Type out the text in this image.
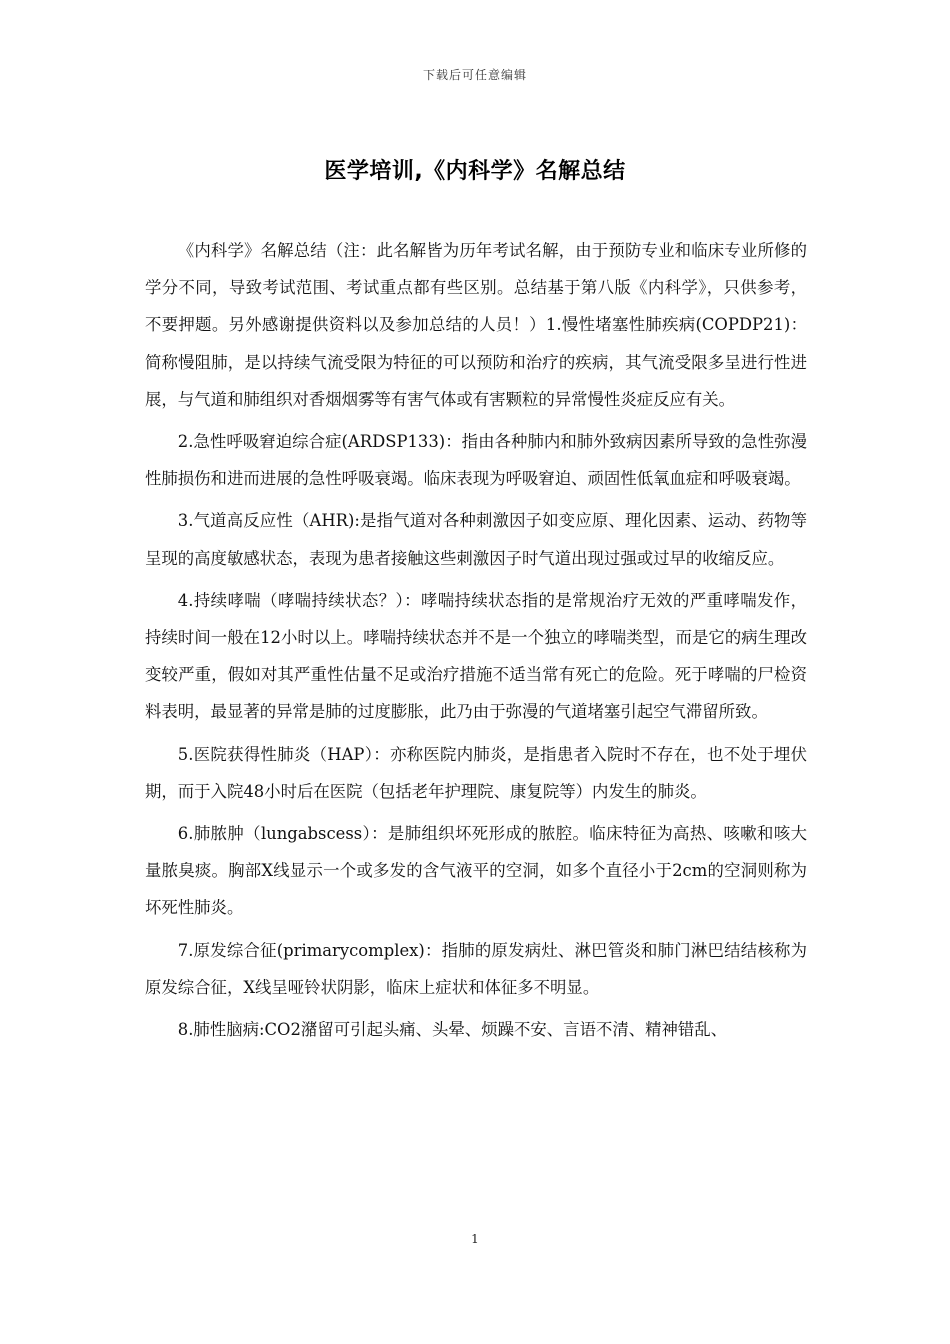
下载后可任意编辑
医学培训,《内科学》名解总结

《内科学》名解总结（注：此名解皆为历年考试名解，由于预防专业和临床专业所修的学分不同，导致考试范围、考试重点都有些区别。总结基于第八版《内科学》，只供参考，不要押题。另外感谢提供资料以及参加总结的人员！）1.慢性堵塞性肺疾病(COPDP21)：简称慢阻肺，是以持续气流受限为特征的可以预防和治疗的疾病，其气流受限多呈进行性进展，与气道和肺组织对香烟烟雾等有害气体或有害颗粒的异常慢性炎症反应有关。

2.急性呼吸窘迫综合症(ARDSP133)：指由各种肺内和肺外致病因素所导致的急性弥漫性肺损伤和进而进展的急性呼吸衰竭。临床表现为呼吸窘迫、顽固性低氧血症和呼吸衰竭。

3.气道高反应性（AHR):是指气道对各种刺激因子如变应原、理化因素、运动、药物等呈现的高度敏感状态，表现为患者接触这些刺激因子时气道出现过强或过早的收缩反应。

4.持续哮喘（哮喘持续状态？）：哮喘持续状态指的是常规治疗无效的严重哮喘发作，持续时间一般在12小时以上。哮喘持续状态并不是一个独立的哮喘类型，而是它的病生理改变较严重，假如对其严重性估量不足或治疗措施不适当常有死亡的危险。死于哮喘的尸检资料表明，最显著的异常是肺的过度膨胀，此乃由于弥漫的气道堵塞引起空气滞留所致。

5.医院获得性肺炎（HAP）：亦称医院内肺炎，是指患者入院时不存在，也不处于埋伏期，而于入院48小时后在医院（包括老年护理院、康复院等）内发生的肺炎。

6.肺脓肿（lungabscess）：是肺组织坏死形成的脓腔。临床特征为高热、咳嗽和咳大量脓臭痰。胸部X线显示一个或多发的含气液平的空洞，如多个直径小于2cm的空洞则称为坏死性肺炎。

7.原发综合征(primarycomplex)：指肺的原发病灶、淋巴管炎和肺门淋巴结结核称为原发综合征，X线呈哑铃状阴影，临床上症状和体征多不明显。

8.肺性脑病:CO2潴留可引起头痛、头晕、烦躁不安、言语不清、精神错乱、

1
